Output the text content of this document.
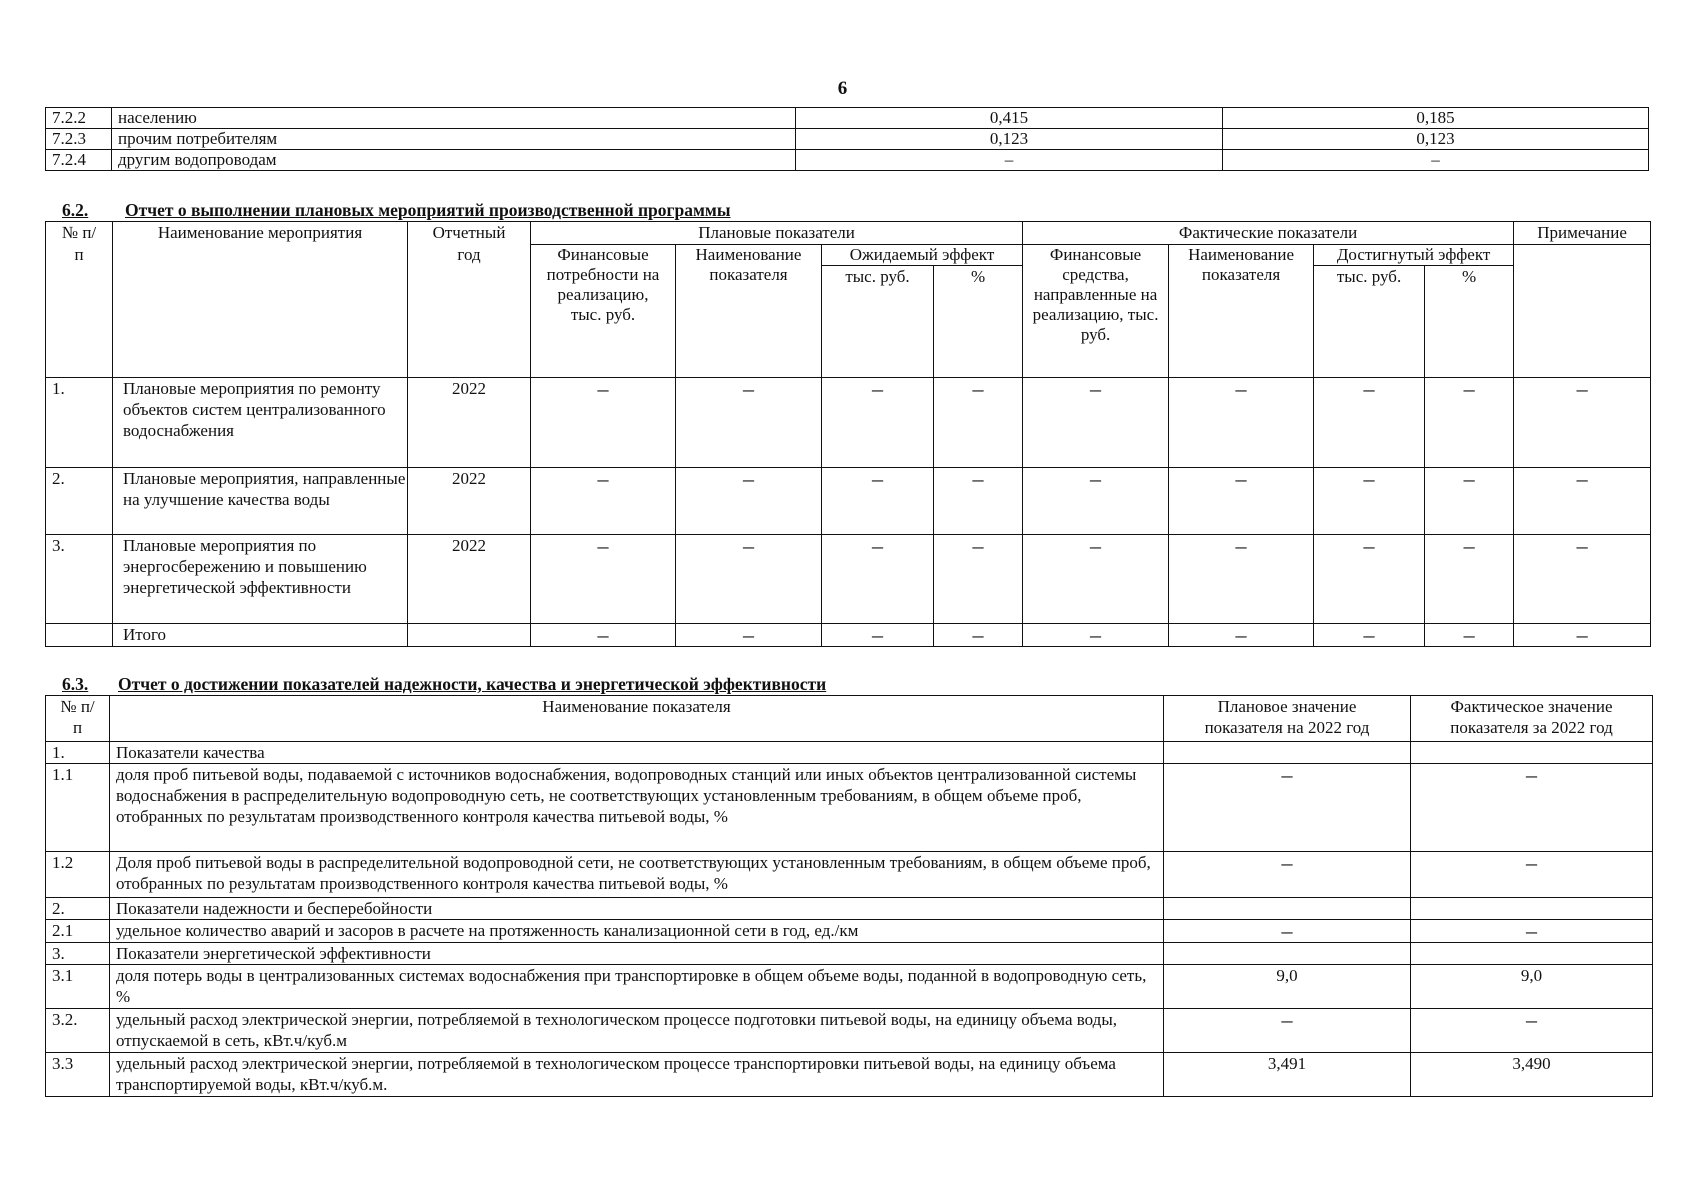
6
7.2.2	населению	0,415	0,185
7.2.3	прочим потребителям	0,123	0,123
7.2.4	другим водопроводам	–	–
6.2. Отчет о выполнении плановых мероприятий производственной программы
№ п/п	Наименование мероприятия	Отчетный год	Плановые показатели				Фактические показатели				Примечание
			Финансовые потребности на реализацию, тыс. руб.	Наименование показателя	Ожидаемый эффект		Финансовые средства, направленные на реализацию, тыс. руб.	Наименование показателя	Достигнутый эффект		
					тыс. руб.	%			тыс. руб.	%	
1.	Плановые мероприятия по ремонту объектов систем централизованного водоснабжения	2022	–	–	–	–	–	–	–	–	–
2.	Плановые мероприятия, направленные на улучшение качества воды	2022	–	–	–	–	–	–	–	–	–
3.	Плановые мероприятия по энергосбережению и повышению энергетической эффективности	2022	–	–	–	–	–	–	–	–	–
	Итого		–	–	–	–	–	–	–	–	–
6.3. Отчет о достижении показателей надежности, качества и энергетической эффективности
№ п/п	Наименование показателя	Плановое значение показателя на 2022 год	Фактическое значение показателя за 2022 год
1.	Показатели качества		
1.1	доля проб питьевой воды, подаваемой с источников водоснабжения, водопроводных станций или иных объектов централизованной системы водоснабжения в распределительную водопроводную сеть, не соответствующих установленным требованиям, в общем объеме проб, отобранных по результатам производственного контроля качества питьевой воды, %	–	–
1.2	Доля проб питьевой воды в распределительной водопроводной сети, не соответствующих установленным требованиям, в общем объеме проб, отобранных по результатам производственного контроля качества питьевой воды, %	–	–
2.	Показатели надежности и бесперебойности		
2.1	удельное количество аварий и засоров в расчете на протяженность канализационной сети в год, ед./км	–	–
3.	Показатели энергетической эффективности		
3.1	доля потерь воды в централизованных системах водоснабжения при транспортировке в общем объеме воды, поданной в водопроводную сеть, %	9,0	9,0
3.2.	удельный расход электрической энергии, потребляемой в технологическом процессе подготовки питьевой воды, на единицу объема воды, отпускаемой в сеть, кВт.ч/куб.м	–	–
3.3	удельный расход электрической энергии, потребляемой в технологическом процессе транспортировки питьевой воды, на единицу объема транспортируемой воды, кВт.ч/куб.м.	3,491	3,490
